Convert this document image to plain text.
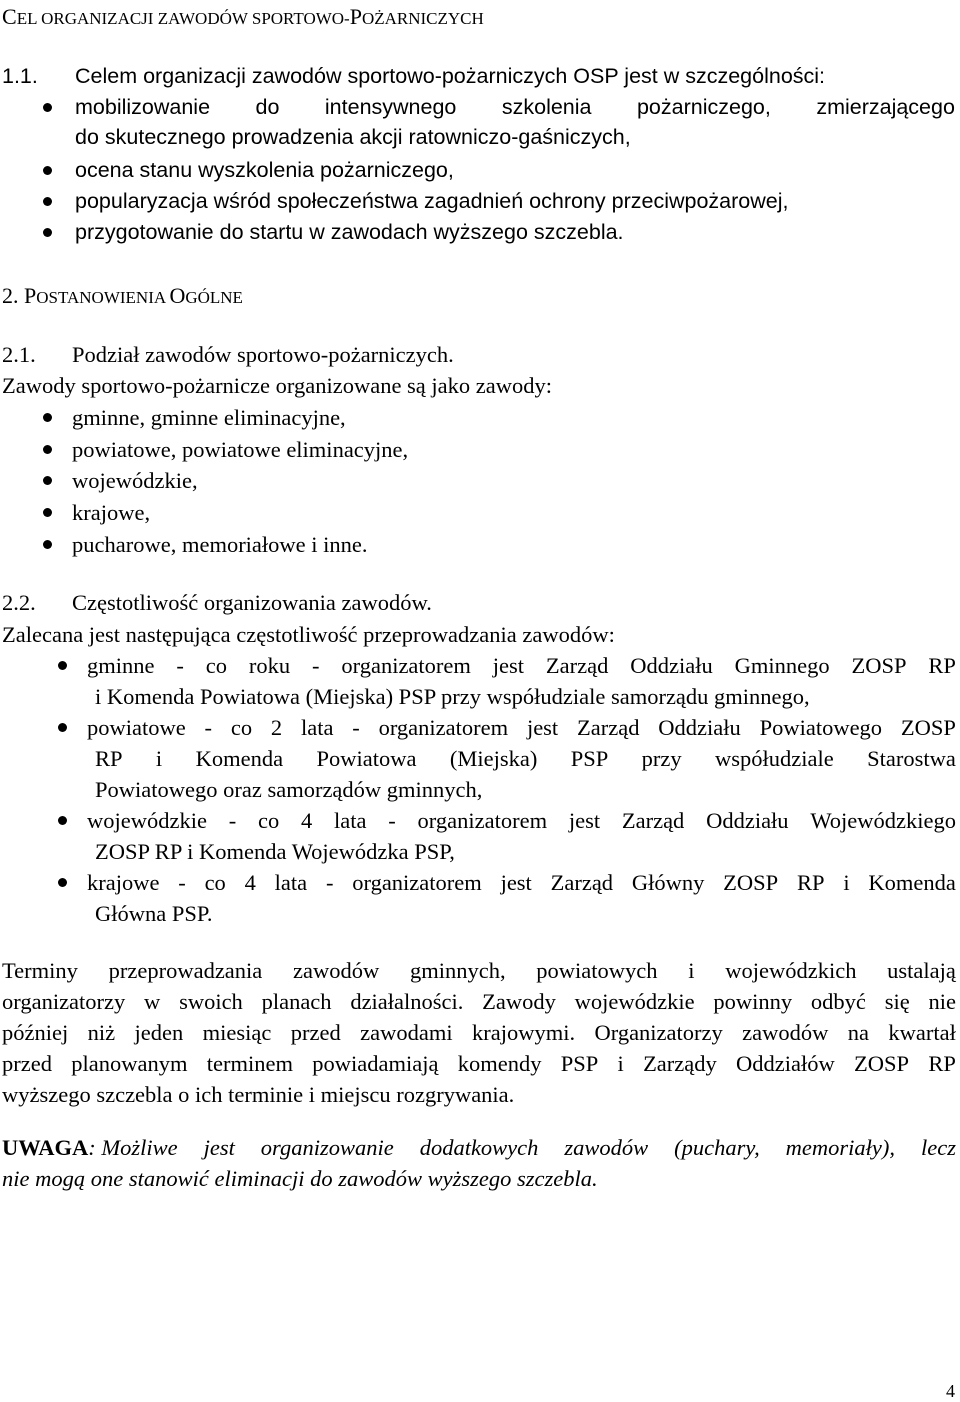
CEL ORGANIZACJI ZAWODÓW SPORTOWO-POŻARNICZYCH
1.1. Celem organizacji zawodów sportowo-pożarniczych OSP jest w szczególności:
mobilizowanie do intensywnego szkolenia pożarniczego, zmierzającego
do skutecznego prowadzenia akcji ratowniczo-gaśniczych,
ocena stanu wyszkolenia pożarniczego,
popularyzacja wśród społeczeństwa zagadnień ochrony przeciwpożarowej,
przygotowanie do startu w zawodach wyższego szczebla.
2. POSTANOWIENIA OGÓLNE
2.1. Podział zawodów sportowo-pożarniczych.
Zawody sportowo-pożarnicze organizowane są jako zawody:
gminne, gminne eliminacyjne,
powiatowe, powiatowe eliminacyjne,
wojewódzkie,
krajowe,
pucharowe, memoriałowe i inne.
2.2. Częstotliwość organizowania zawodów.
Zalecana jest następująca częstotliwość przeprowadzania zawodów:
gminne - co roku - organizatorem jest Zarząd Oddziału Gminnego ZOSP RP
i Komenda Powiatowa (Miejska) PSP przy współudziale samorządu gminnego,
powiatowe - co 2 lata - organizatorem jest Zarząd Oddziału Powiatowego ZOSP
RP i Komenda Powiatowa (Miejska) PSP przy współudziale Starostwa
Powiatowego oraz samorządów gminnych,
wojewódzkie - co 4 lata - organizatorem jest Zarząd Oddziału Wojewódzkiego
ZOSP RP i Komenda Wojewódzka PSP,
krajowe - co 4 lata - organizatorem jest Zarząd Główny ZOSP RP i Komenda
Główna PSP.
Terminy przeprowadzania zawodów gminnych, powiatowych i wojewódzkich ustalają
organizatorzy w swoich planach działalności. Zawody wojewódzkie powinny odbyć się nie
później niż jeden miesiąc przed zawodami krajowymi. Organizatorzy zawodów na kwartał
przed planowanym terminem powiadamiają komendy PSP i Zarządy Oddziałów ZOSP RP
wyższego szczebla o ich terminie i miejscu rozgrywania.
UWAGA: Możliwe jest organizowanie dodatkowych zawodów (puchary, memoriały), lecz
nie mogą one stanowić eliminacji do zawodów wyższego szczebla.
4
